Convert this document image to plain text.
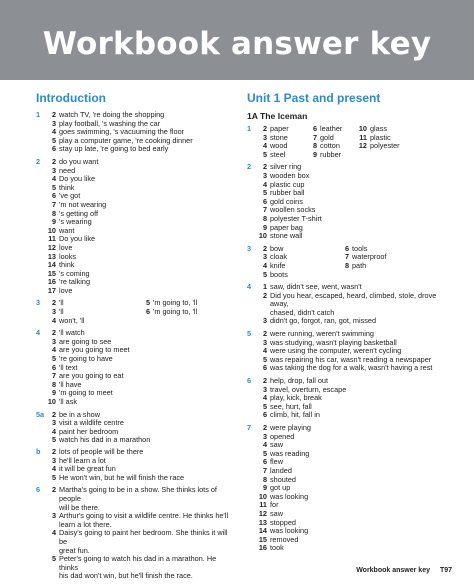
Workbook answer key
Introduction
1	2 watch TV, 're doing the shopping
3 play football, 's washing the car
4 goes swimming, 's vacuuming the floor
5 play a computer game, 're cooking dinner
6 stay up late, 're going to bed early
2	2 do you want
3 need
4 Do you like
5 think
6 've got
7 'm not wearing
8 's getting off
9 's wearing
10 want
11 Do you like
12 love
13 looks
14 think
15 's coming
16 're talking
17 love
3	2 'll	5 'm going to, 'll
3 'll	6 'm going to, 'll
4 won't, 'll
4	2 'll watch
3 are going to see
4 are you going to meet
5 're going to have
6 'll text
7 are you going to eat
8 'll have
9 'm going to meet
10 'll ask
5a	2 be in a show
3 visit a wildlife centre
4 paint her bedroom
5 watch his dad in a marathon
b	2 lots of people will be there
3 he'll learn a lot
4 it will be great fun
5 He won't win, but he will finish the race
6	2 Martha's going to be in a show. She thinks lots of people
will be there.
3 Arthur's going to visit a wildlife centre. He thinks he'll
learn a lot there.
4 Daisy's going to paint her bedroom. She thinks it will be
great fun.
5 Peter's going to watch his dad in a marathon. He thinks
his dad won't win, but he'll finish the race.
Unit 1 Past and present
1A The Iceman
1	2 paper	6 leather	10 glass
3 stone	7 gold	11 plastic
4 wood	8 cotton	12 polyester
5 steel	9 rubber
2	2 silver ring
3 wooden box
4 plastic cup
5 rubber ball
6 gold coins
7 woollen socks
8 polyester T-shirt
9 paper bag
10 stone wall
3	2 bow	6 tools
3 cloak	7 waterproof
4 knife	8 path
5 boots
4	1 saw, didn't see, went, wasn't
2 Did you hear, escaped, heard, climbed, stole, drove away,
chased, didn't catch
3 didn't go, forgot, ran, got, missed
5	2 were running, weren't swimming
3 was studying, wasn't playing basketball
4 were using the computer, weren't cycling
5 was repairing his car, wasn't reading a newspaper
6 was taking the dog for a walk, wasn't having a rest
6	2 help, drop, fall out
3 travel, overturn, escape
4 play, kick, break
5 see, hurt, fall
6 climb, hit, fall in
7	2 were playing
3 opened
4 saw
5 was reading
6 flew
7 landed
8 shouted
9 got up
10 was looking
11 for
12 saw
13 stopped
14 was looking
15 removed
16 took
Workbook answer key T97
